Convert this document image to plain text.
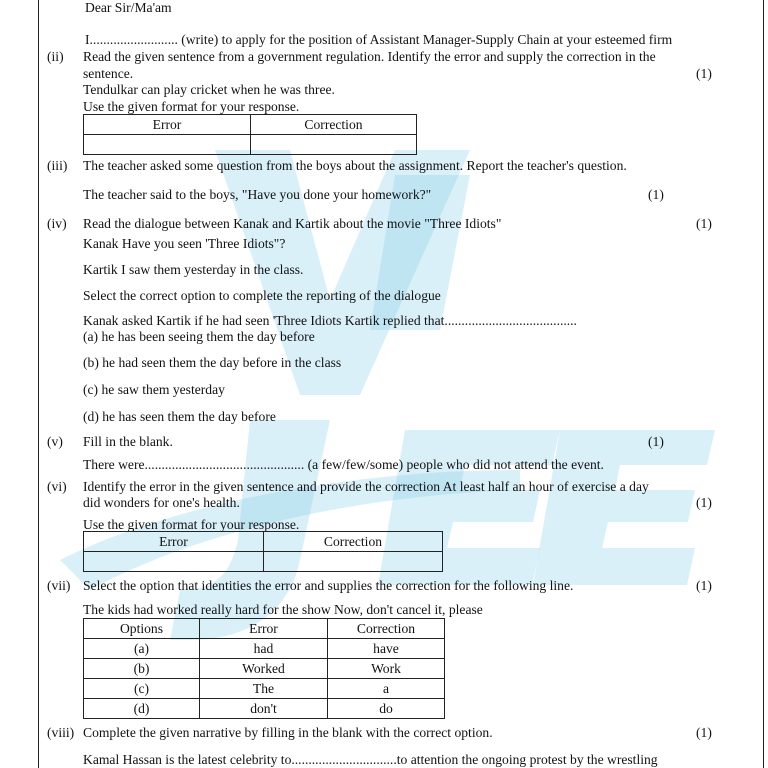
Dear Sir/Ma'am
I.......................... (write) to apply for the position of Assistant Manager-Supply Chain at your esteemed firm
(ii) Read the given sentence from a government regulation. Identify the error and supply the correction in the
sentence.	(1)
Tendulkar can play cricket when he was three.
Use the given format for your response.
Error	Correction

(iii) The teacher asked some question from the boys about the assignment. Report the teacher's question.
The teacher said to the boys, "Have you done your homework?"	(1)
(iv) Read the dialogue between Kanak and Kartik about the movie "Three Idiots"	(1)
Kanak Have you seen 'Three Idiots"?
Kartik I saw them yesterday in the class.
Select the correct option to complete the reporting of the dialogue
Kanak asked Kartik if he had seen 'Three Idiots Kartik replied that.......................................
(a) he has been seeing them the day before
(b) he had seen them the day before in the class
(c) he saw them yesterday
(d) he has seen them the day before
(v) Fill in the blank.	(1)
There were............................................... (a few/few/some) people who did not attend the event.
(vi) Identify the error in the given sentence and provide the correction At least half an hour of exercise a day
did wonders for one's health.	(1)
Use the given format for your response.
Error	Correction

(vii) Select the option that identities the error and supplies the correction for the following line.	(1)
The kids had worked really hard for the show Now, don't cancel it, please
Options	Error	Correction
(a)	had	have
(b)	Worked	Work
(c)	The	a
(d)	don't	do
(viii) Complete the given narrative by filling in the blank with the correct option.	(1)
Kamal Hassan is the latest celebrity to...............................to attention the ongoing protest by the wrestling
